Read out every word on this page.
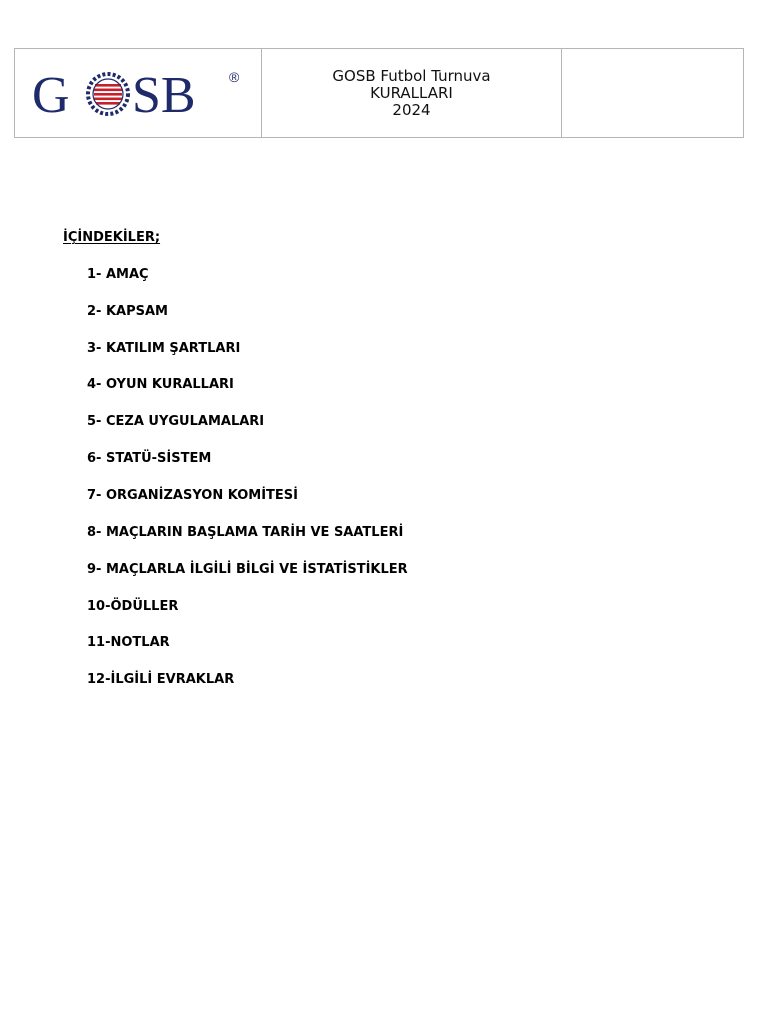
G SB ®	GOSB Futbol Turnuva
KURALLARI
2024

İÇİNDEKİLER;

1- AMAÇ
2- KAPSAM
3- KATILIM ŞARTLARI
4- OYUN KURALLARI
5- CEZA UYGULAMALARI
6- STATÜ-SİSTEM
7- ORGANİZASYON KOMİTESİ
8- MAÇLARIN BAŞLAMA TARİH VE SAATLERİ
9- MAÇLARLA İLGİLİ BİLGİ VE İSTATİSTİKLER
10-ÖDÜLLER
11-NOTLAR
12-İLGİLİ EVRAKLAR
